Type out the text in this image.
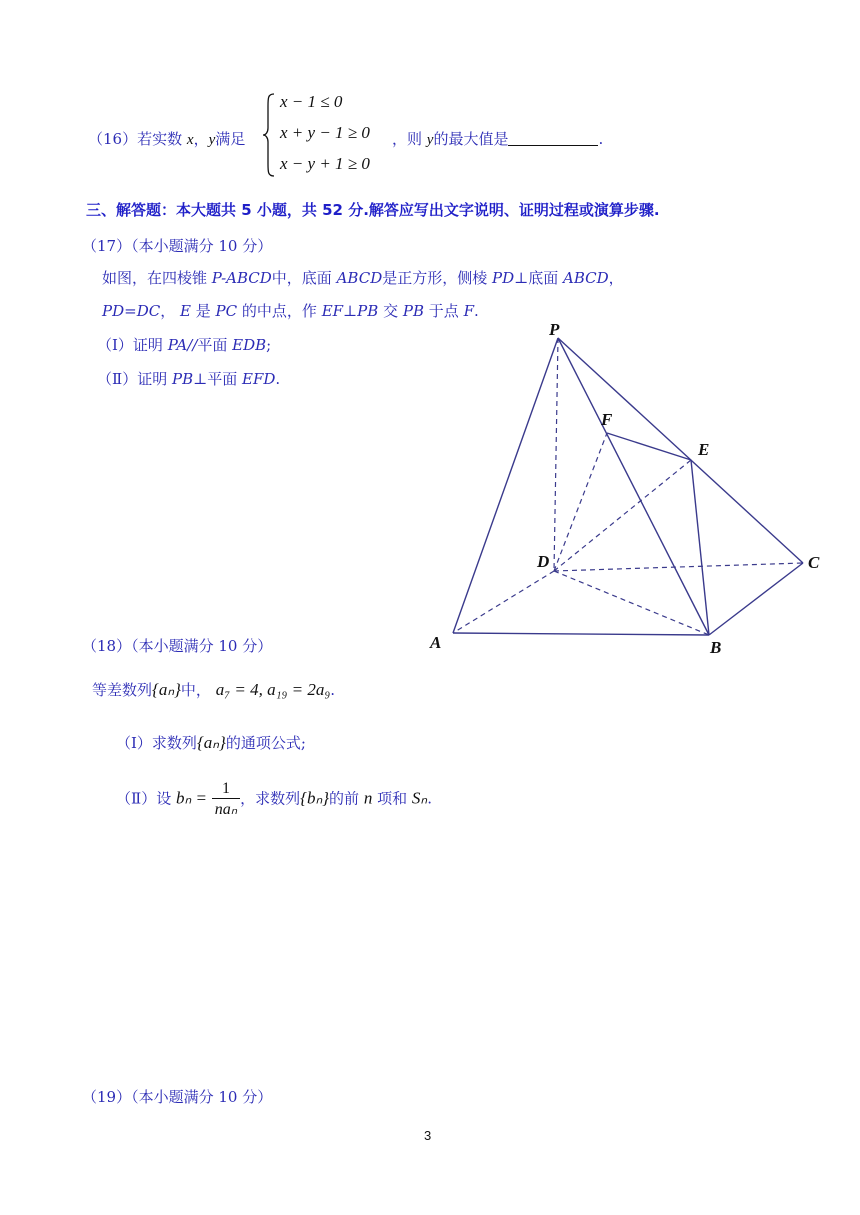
（16）若实数 x，y满足
x − 1 ≤ 0
x + y − 1 ≥ 0
x − y + 1 ≥ 0
，则 y的最大值是	.
三、解答题：本大题共 5 小题，共 52 分.解答应写出文字说明、证明过程或演算步骤.
（17）（本小题满分 10 分）
如图，在四棱锥 P-ABCD中，底面 ABCD是正方形，侧棱 PD⊥底面 ABCD，
PD=DC， E 是 PC 的中点，作 EF⊥PB 交 PB 于点 F.
（Ⅰ）证明 PA//平面 EDB;
（Ⅱ）证明 PB⊥平面 EFD.
P
F
E
D	C
A	B
（18）（本小题满分 10 分）
等差数列{aₙ}中， a₇ = 4, a₁₉ = 2a₉.
（Ⅰ）求数列{aₙ}的通项公式;
（Ⅱ）设 $b_n = \frac{1}{\text{naₙ}}$ ，求数列{bₙ}的前 n 项和 Sₙ.
（19）（本小题满分 10 分）
3
